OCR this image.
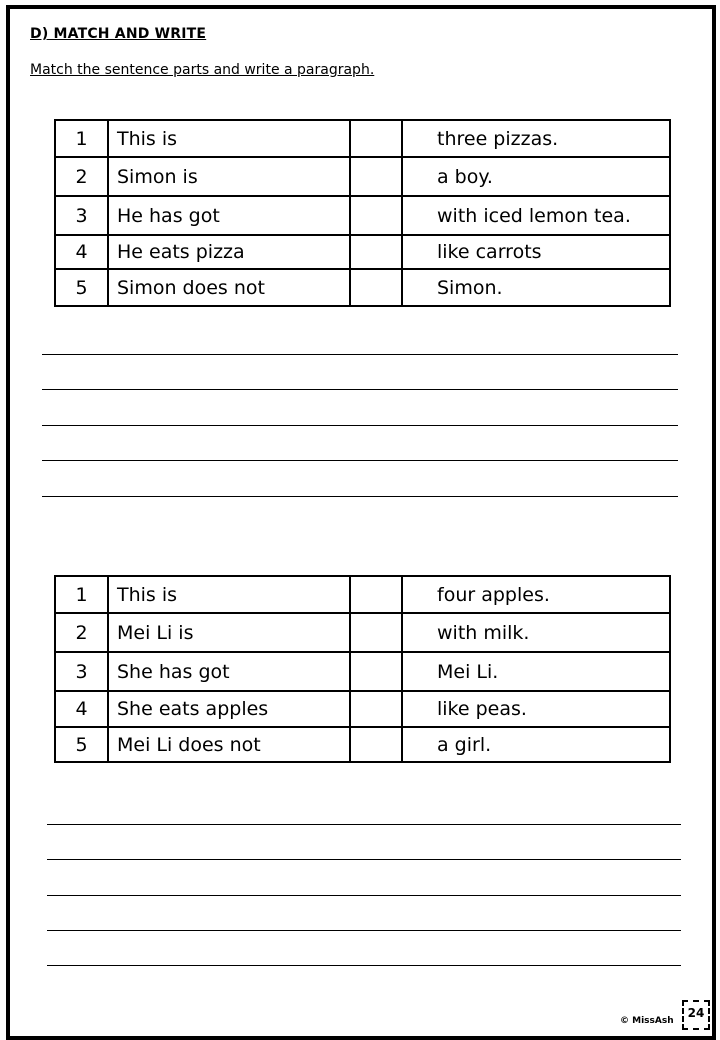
D) MATCH AND WRITE
Match the sentence parts and write a paragraph.
1	This is		three pizzas.
2	Simon is		a boy.
3	He has got		with iced lemon tea.
4	He eats pizza		like carrots
5	Simon does not		Simon.
1	This is		four apples.
2	Mei Li is		with milk.
3	She has got		Mei Li.
4	She eats apples		like peas.
5	Mei Li does not		a girl.
© MissAsh
24
